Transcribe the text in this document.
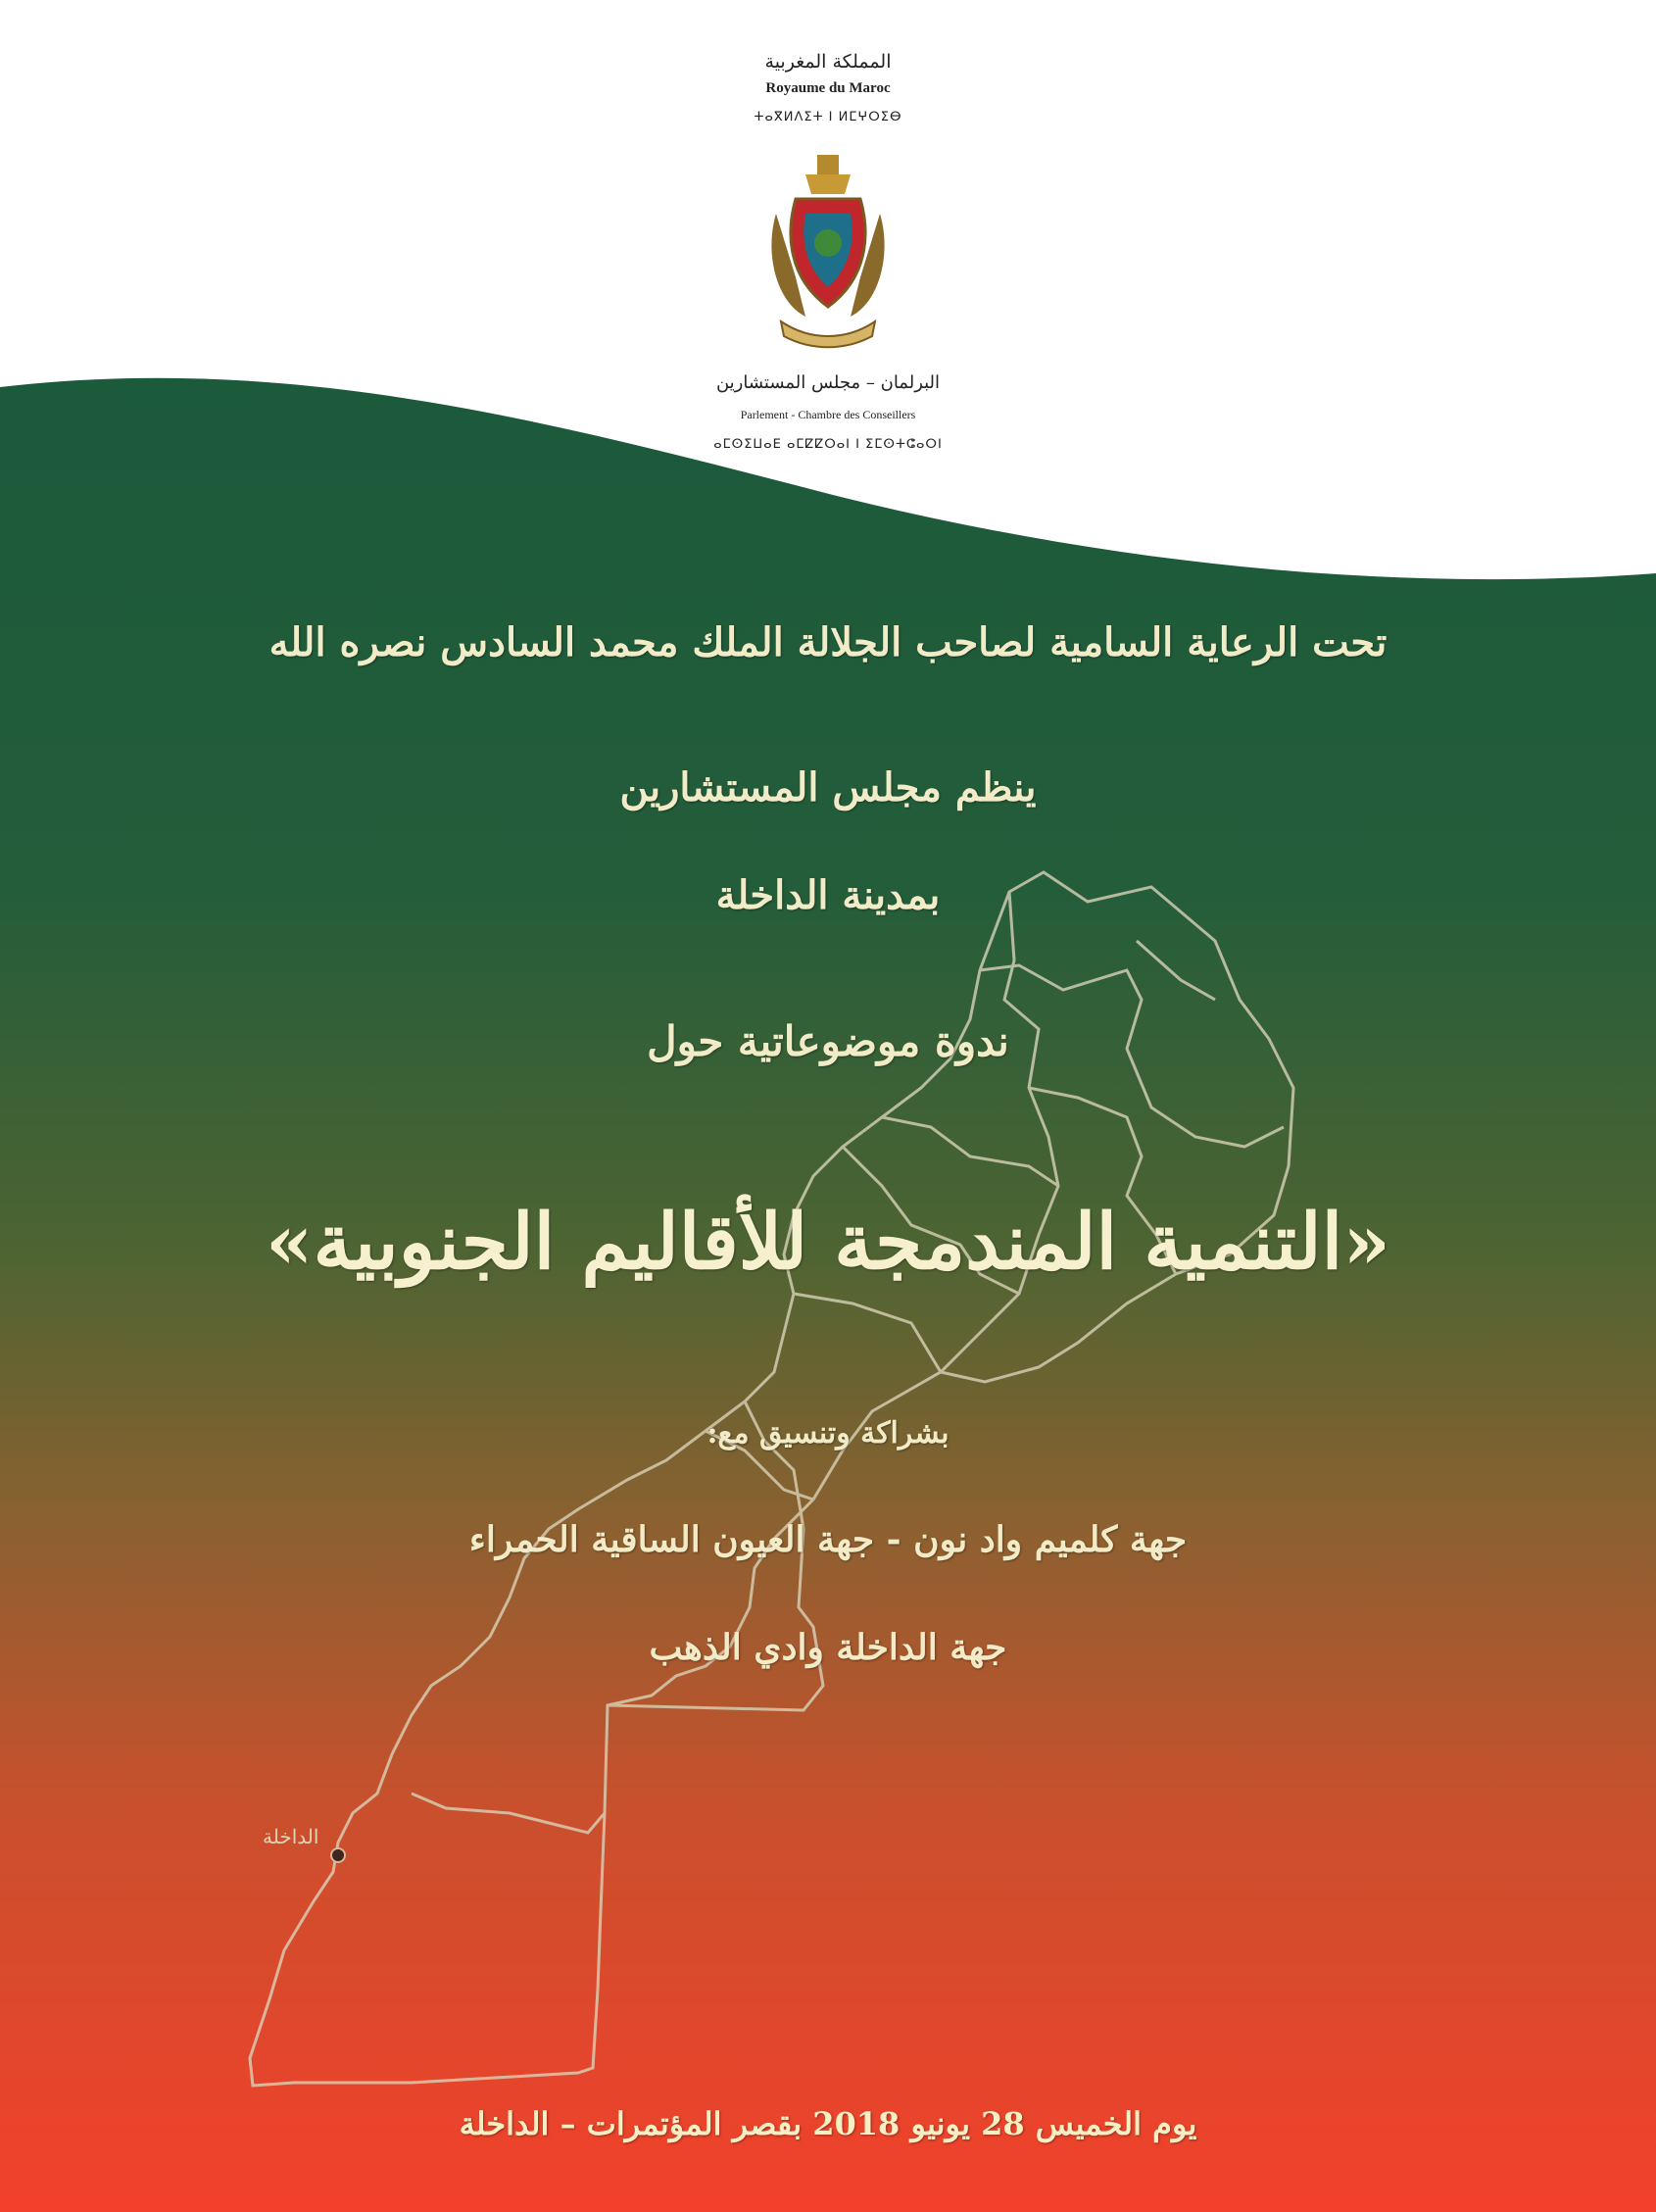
المملكة المغربية
Royaume du Maroc
ⵜⴰⴳⵍⴷⵉⵜ ⵏ ⵍⵎⵖⵔⵉⴱ
البرلمان – مجلس المستشارين
Parlement - Chambre des Conseillers
ⴰⵎⵙⵉⵡⴰⴹ ⴰⵎⵇⵇⵔⴰⵏ ⵏ ⵉⵎⵙⵜⵛⴰⵔⵏ
تحت الرعاية السامية لصاحب الجلالة الملك محمد السادس نصره الله
ينظم مجلس المستشارين
بمدينة الداخلة
ندوة موضوعاتية حول
«التنمية المندمجة للأقاليم الجنوبية»
بشراكة وتنسيق مع:
جهة كلميم واد نون - جهة العيون الساقية الحمراء
جهة الداخلة وادي الذهب
الداخلة
يوم الخميس 28 يونيو 2018 بقصر المؤتمرات – الداخلة
